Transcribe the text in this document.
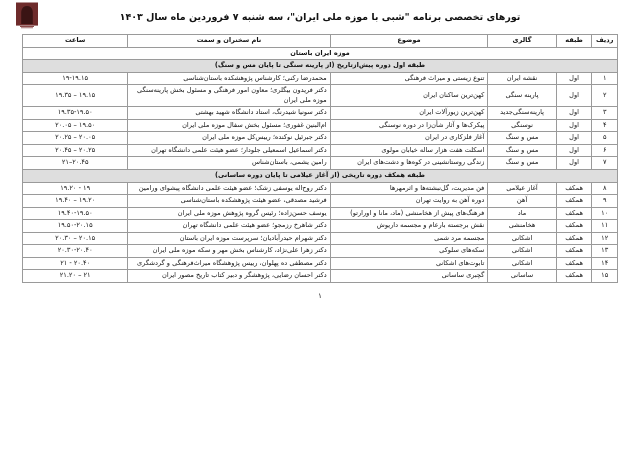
تورهای تخصصی برنامه "شبی با موزه ملی ایران"، سه شنبه ۷ فروردین ماه سال ۱۴۰۳
موزه ایران باستان					
ردیف	طبقه	گالری	موضوع	نام سخنران و سمت	ساعت
طبقه اول دوره پیش‌ازتاریخ (از پارینه سنگی تا پایان مس و سنگ)					
۱	اول	نقشه ایران	تنوع زیستی و میراث فرهنگی	محمدرضا رکنی؛ کارشناس پژوهشکده باستان‌شناسی	۱۹-۱۹.۱۵
۲	اول	پارینه سنگی	کهن‌ترین ساکنان ایران	دکتر فریدون بیگلری؛ معاون امور فرهنگی و مسئول بخش پارینه‌سنگی موزه ملی ایران	۱۹.۱۵ – ۱۹.۳۵
۳	اول	پارینه‌سنگی‌جدید	کهن‌ترین زیورآلات ایران	دکتر سونیا شیدرنگ، استاد دانشگاه شهید بهشتی	۱۹.۳۵-۱۹.۵۰
۴	اول	نوسنگی	پیکرک‌ها و آثار شأن‌زا در دوره نوسنگی	ام‌البنین غفوری؛ مسئول بخش سفال موزه ملی ایران	۱۹.۵۰ – ۲۰.۰۵
۵	اول	مس و سنگ	آغاز فلزکاری در ایران	دکتر جبرئیل نوکنده؛ رییس‌کل موزه ملی ایران	۲۰.۰۵ – ۲۰.۲۵
۶	اول	مس و سنگ	اسکلت هفت هزار ساله خیابان مولوی	دکتر اسماعیل اسمعیلی جلودار؛ عضو هیئت علمی دانشگاه تهران	۲۰.۲۵ – ۲۰.۴۵
۷	اول	مس و سنگ	زندگی روستانشینی در کوه‌ها و دشت‌های ایران	رامین یشمی، باستان‌شناس	۲۰.۴۵–۲۱
طبقه همکف دوره تاریخی (از آغاز عیلامی تا پایان دوره ساسانی)					
۸	همکف	آغاز عیلامی	فن مدیریت، گل‌نبشته‌ها و اثرمهرها	دکتر روح‌اله یوسفی زشک؛ عضو هیئت علمی دانشگاه پیشوای ورامین	۱۹ - ۱۹.۲۰
۹	همکف	آهن	دوره آهن به روایت تهران	فرشید مصدقی، عضو هیئت پژوهشکده باستان‌شناسی	۱۹.۲۰ – ۱۹.۴۰
۱۰	همکف	ماد	فرهنگ‌های پیش از هخامنشی (ماد، مانا و اورارتو)	یوسف حسن‌زاده؛ رئیس گروه پژوهش موزه ملی ایران	۱۹.۴۰-۱۹.۵۰
۱۱	همکف	هخامنشی	نقش برجسته بارعام و مجسمه داریوش	دکتر شاهرخ رزمجو؛ عضو هیئت علمی دانشگاه تهران	۱۹.۵۰-۲۰.۱۵
۱۲	همکف	اشکانی	مجسمه مرد شمی	دکتر شهرام حیدرآبادیان؛ سرپرست موزه ایران باستان	۲۰.۱۵ – ۲۰.۳۰
۱۳	همکف	اشکانی	سکه‌های سلوکی	دکتر زهرا علی‌نژاد، کارشناس بخش مهر و سکه موزه ملی ایران	۲۰.۳۰-۲۰.۴۰
۱۴	همکف	اشکانی	تابوت‌های اشکانی	دکتر مصطفی ده پهلوان، رییس پژوهشگاه میراث‌فرهنگی و گردشگری	۲۰.۴۰ - ۲۱
۱۵	همکف	ساسانی	گچبری ساسانی	دکتر احسان رضایی، پژوهشگر و دبیر کتاب تاریخ مصور ایران	۲۱ – ۲۱.۲۰
۱
